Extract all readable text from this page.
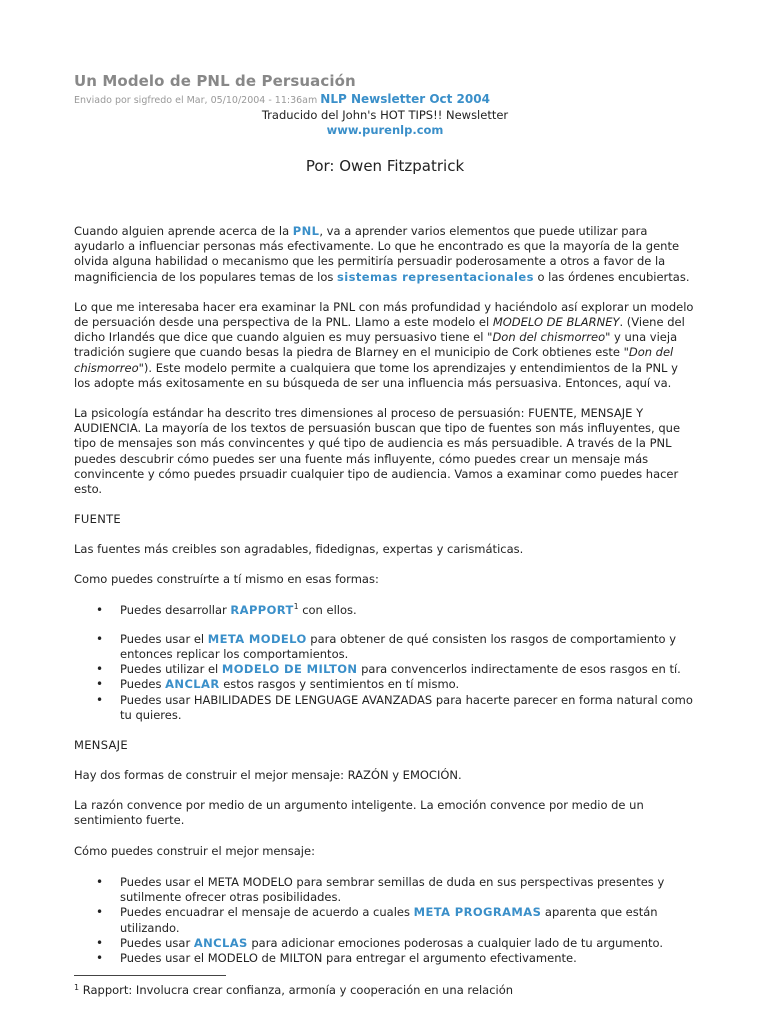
Un Modelo de PNL de Persuación
Enviado por sigfredo el Mar, 05/10/2004 - 11:36am NLP Newsletter Oct 2004
Traducido del John's HOT TIPS!! Newsletter
www.purenlp.com
Por: Owen Fitzpatrick

Cuando alguien aprende acerca de la PNL, va a aprender varios elementos que puede utilizar para ayudarlo a influenciar personas más efectivamente. Lo que he encontrado es que la mayoría de la gente olvida alguna habilidad o mecanismo que les permitiría persuadir poderosamente a otros a favor de la magnificiencia de los populares temas de los sistemas representacionales o las órdenes encubiertas.

Lo que me interesaba hacer era examinar la PNL con más profundidad y haciéndolo así explorar un modelo de persuación desde una perspectiva de la PNL. Llamo a este modelo el MODELO DE BLARNEY. (Viene del dicho Irlandés que dice que cuando alguien es muy persuasivo tiene el "Don del chismorreo" y una vieja tradición sugiere que cuando besas la piedra de Blarney en el municipio de Cork obtienes este "Don del chismorreo"). Este modelo permite a cualquiera que tome los aprendizajes y entendimientos de la PNL y los adopte más exitosamente en su búsqueda de ser una influencia más persuasiva. Entonces, aquí va.

La psicología estándar ha descrito tres dimensiones al proceso de persuasión: FUENTE, MENSAJE Y AUDIENCIA. La mayoría de los textos de persuasión buscan que tipo de fuentes son más influyentes, que tipo de mensajes son más convincentes y qué tipo de audiencia es más persuadible. A través de la PNL puedes descubrir cómo puedes ser una fuente más influyente, cómo puedes crear un mensaje más convincente y cómo puedes prsuadir cualquier tipo de audiencia. Vamos a examinar como puedes hacer esto.

FUENTE

Las fuentes más creibles son agradables, fidedignas, expertas y carismáticas.

Como puedes construírte a tí mismo en esas formas:

• Puedes desarrollar RAPPORT$^1$ con ellos.
• Puedes usar el META MODELO para obtener de qué consisten los rasgos de comportamiento y entonces replicar los comportamientos.
• Puedes utilizar el MODELO DE MILTON para convencerlos indirectamente de esos rasgos en tí.
• Puedes ANCLAR estos rasgos y sentimientos en tí mismo.
• Puedes usar HABILIDADES DE LENGUAGE AVANZADAS para hacerte parecer en forma natural como tu quieres.

MENSAJE

Hay dos formas de construir el mejor mensaje: RAZÓN y EMOCIÓN.

La razón convence por medio de un argumento inteligente. La emoción convence por medio de un sentimiento fuerte.

Cómo puedes construir el mejor mensaje:

• Puedes usar el META MODELO para sembrar semillas de duda en sus perspectivas presentes y sutilmente ofrecer otras posibilidades.
• Puedes encuadrar el mensaje de acuerdo a cuales META PROGRAMAS aparenta que están utilizando.
• Puedes usar ANCLAS para adicionar emociones poderosas a cualquier lado de tu argumento.
• Puedes usar el MODELO de MILTON para entregar el argumento efectivamente.
$^1$ Rapport: Involucra crear confianza, armonía y cooperación en una relación
